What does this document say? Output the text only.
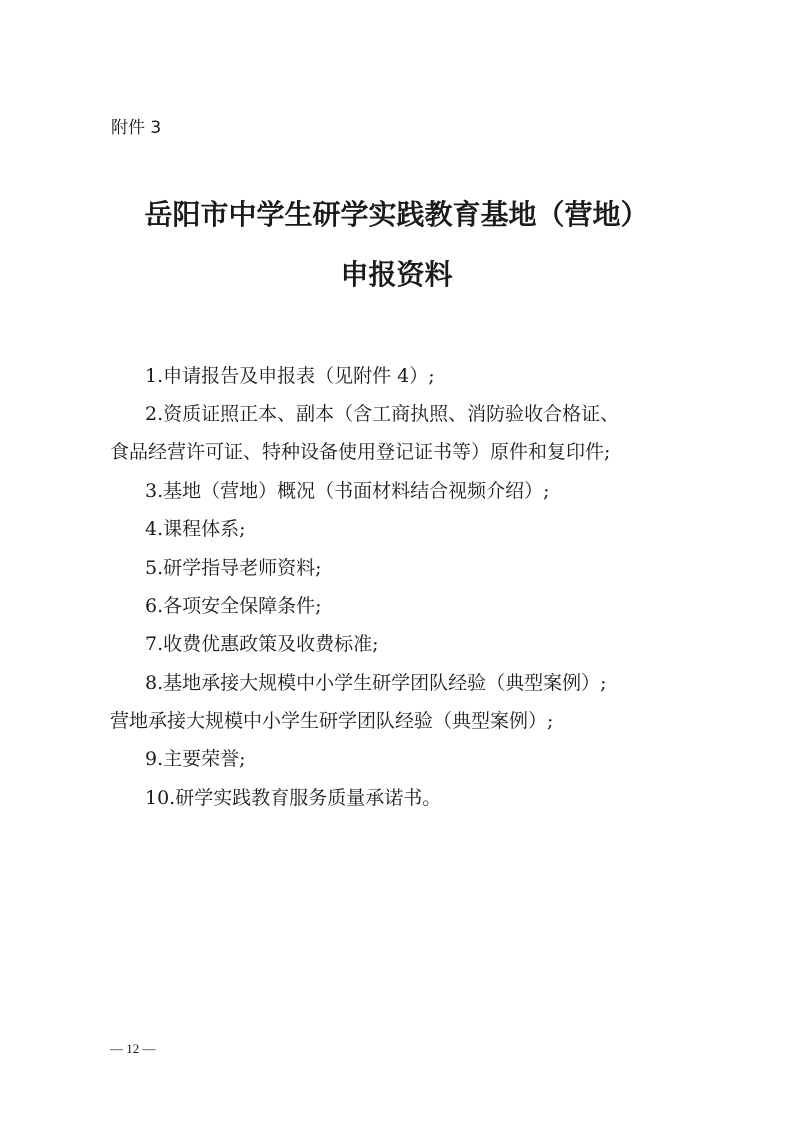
附件 3
岳阳市中学生研学实践教育基地（营地）
申报资料
1.申请报告及申报表（见附件 4）;
2.资质证照正本、副本（含工商执照、消防验收合格证、
食品经营许可证、特种设备使用登记证书等）原件和复印件;
3.基地（营地）概况（书面材料结合视频介绍）;
4.课程体系;
5.研学指导老师资料;
6.各项安全保障条件;
7.收费优惠政策及收费标准;
8.基地承接大规模中小学生研学团队经验（典型案例）;
营地承接大规模中小学生研学团队经验（典型案例）;
9.主要荣誉;
10.研学实践教育服务质量承诺书。
— 12 —
